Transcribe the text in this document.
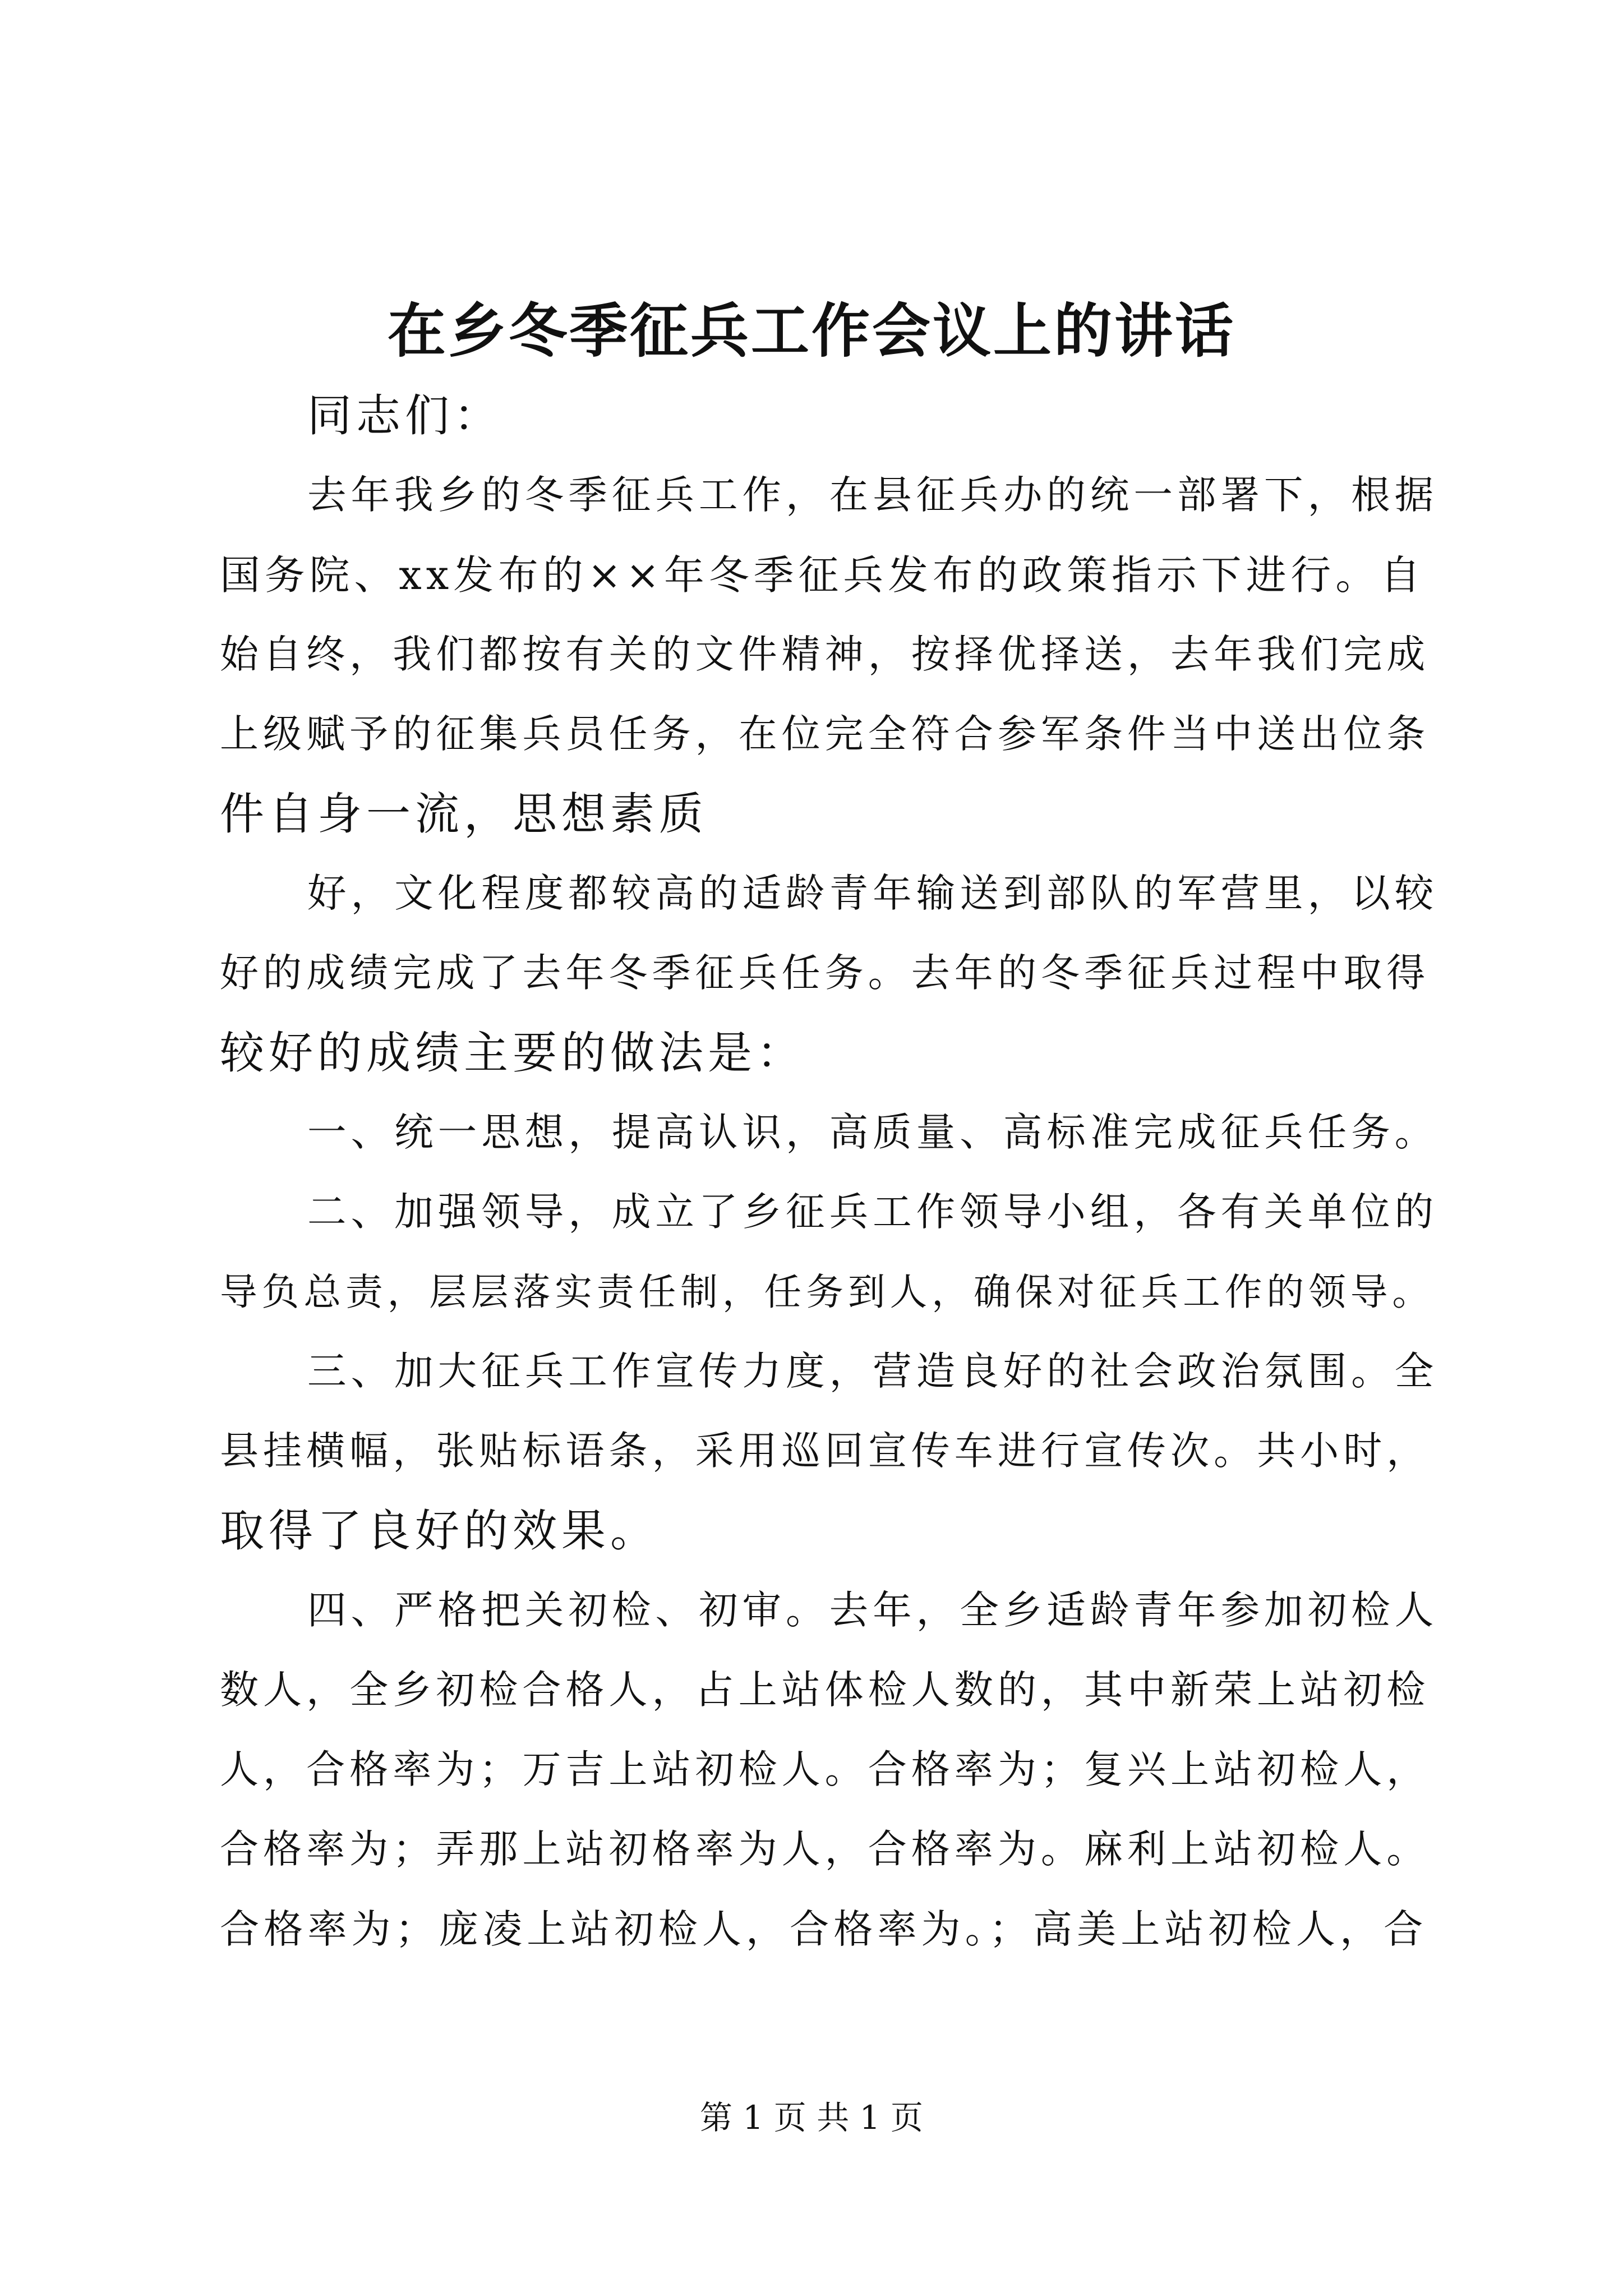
在乡冬季征兵工作会议上的讲话
同志们：
去年我乡的冬季征兵工作，在县征兵办的统一部署下，根据
国务院、xx发布的××年冬季征兵发布的政策指示下进行。自
始自终，我们都按有关的文件精神，按择优择送，去年我们完成
上级赋予的征集兵员任务，在位完全符合参军条件当中送出位条
件自身一流，思想素质
好，文化程度都较高的适龄青年输送到部队的军营里，以较
好的成绩完成了去年冬季征兵任务。去年的冬季征兵过程中取得
较好的成绩主要的做法是：
一、统一思想，提高认识，高质量、高标准完成征兵任务。
二、加强领导，成立了乡征兵工作领导小组，各有关单位的
导负总责，层层落实责任制，任务到人，确保对征兵工作的领导。
三、加大征兵工作宣传力度，营造良好的社会政治氛围。全
县挂横幅，张贴标语条，采用巡回宣传车进行宣传次。共小时，
取得了良好的效果。
四、严格把关初检、初审。去年，全乡适龄青年参加初检人
数人，全乡初检合格人，占上站体检人数的，其中新荣上站初检
人，合格率为；万吉上站初检人。合格率为；复兴上站初检人，
合格率为；弄那上站初格率为人，合格率为。麻利上站初检人。
合格率为；庞凌上站初检人，合格率为。；高美上站初检人，合
第 1 页 共 1 页
